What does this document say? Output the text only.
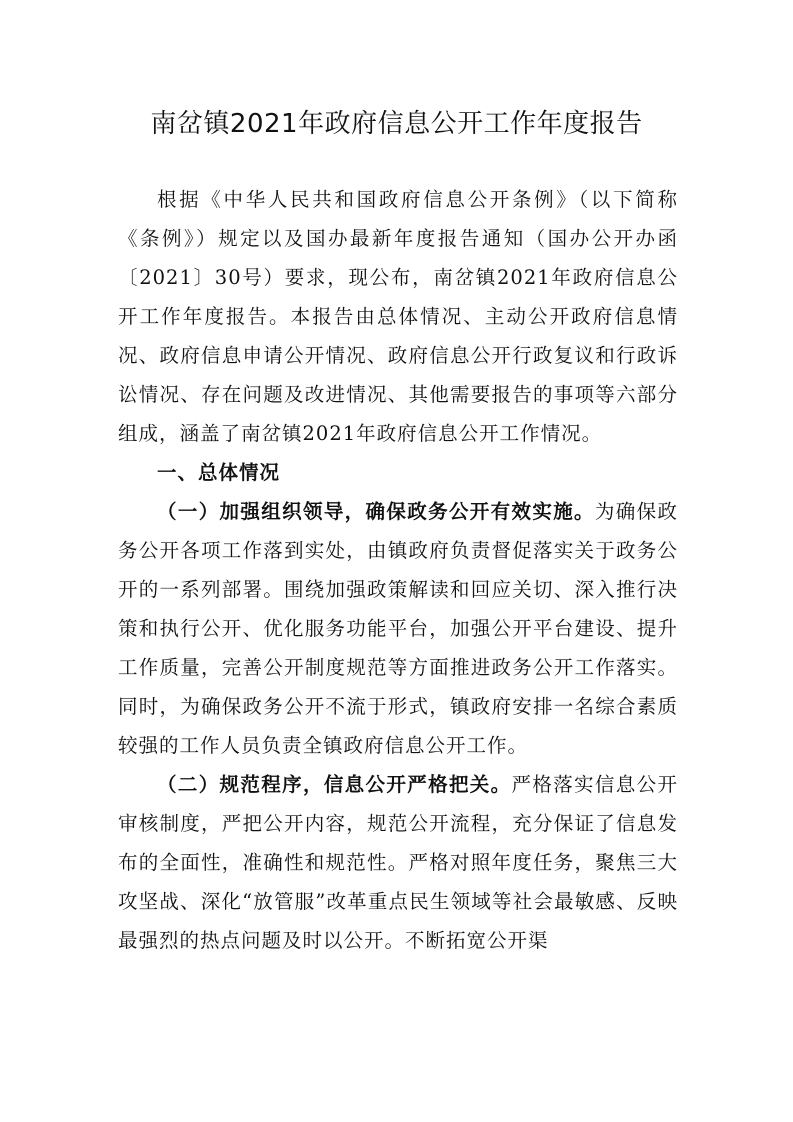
南岔镇2021年政府信息公开工作年度报告

根据《中华人民共和国政府信息公开条例》（以下简称《条例》）规定以及国办最新年度报告通知（国办公开办函〔2021〕30号）要求，现公布，南岔镇2021年政府信息公开工作年度报告。本报告由总体情况、主动公开政府信息情况、政府信息申请公开情况、政府信息公开行政复议和行政诉讼情况、存在问题及改进情况、其他需要报告的事项等六部分组成，涵盖了南岔镇2021年政府信息公开工作情况。

一、总体情况

（一）加强组织领导，确保政务公开有效实施。为确保政务公开各项工作落到实处，由镇政府负责督促落实关于政务公开的一系列部署。围绕加强政策解读和回应关切、深入推行决策和执行公开、优化服务功能平台，加强公开平台建设、提升工作质量，完善公开制度规范等方面推进政务公开工作落实。同时，为确保政务公开不流于形式，镇政府安排一名综合素质较强的工作人员负责全镇政府信息公开工作。

（二）规范程序，信息公开严格把关。严格落实信息公开审核制度，严把公开内容，规范公开流程，充分保证了信息发布的全面性，准确性和规范性。严格对照年度任务，聚焦三大攻坚战、深化“放管服”改革重点民生领域等社会最敏感、反映最强烈的热点问题及时以公开。不断拓宽公开渠
